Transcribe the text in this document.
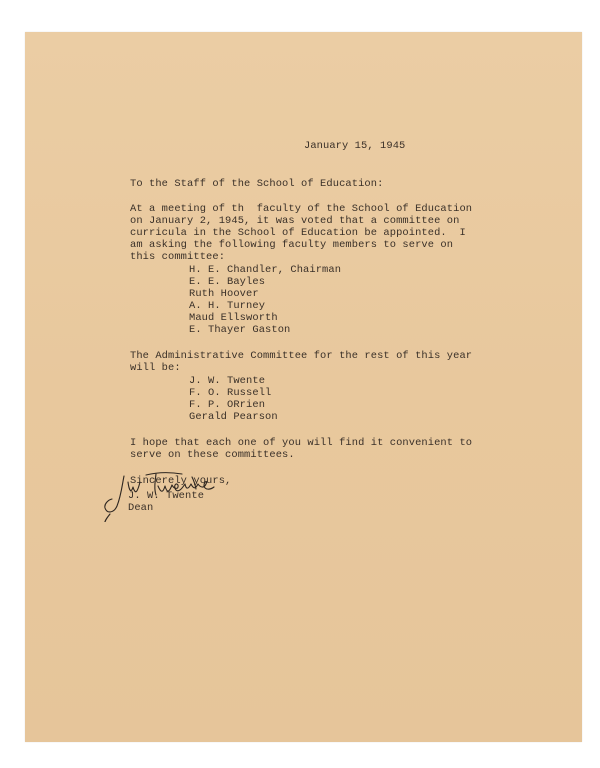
January 15, 1945
To the Staff of the School of Education:
At a meeting of th  faculty of the School of Education
on January 2, 1945, it was voted that a committee on
curricula in the School of Education be appointed.  I
am asking the following faculty members to serve on
this committee:
H. E. Chandler, Chairman
E. E. Bayles
Ruth Hoover
A. H. Turney
Maud Ellsworth
E. Thayer Gaston
The Administrative Committee for the rest of this year
will be:
J. W. Twente
F. O. Russell
F. P. ORrien
Gerald Pearson
I hope that each one of you will find it convenient to
serve on these committees.
Sincerely yours,
J. W. Twente
Dean
